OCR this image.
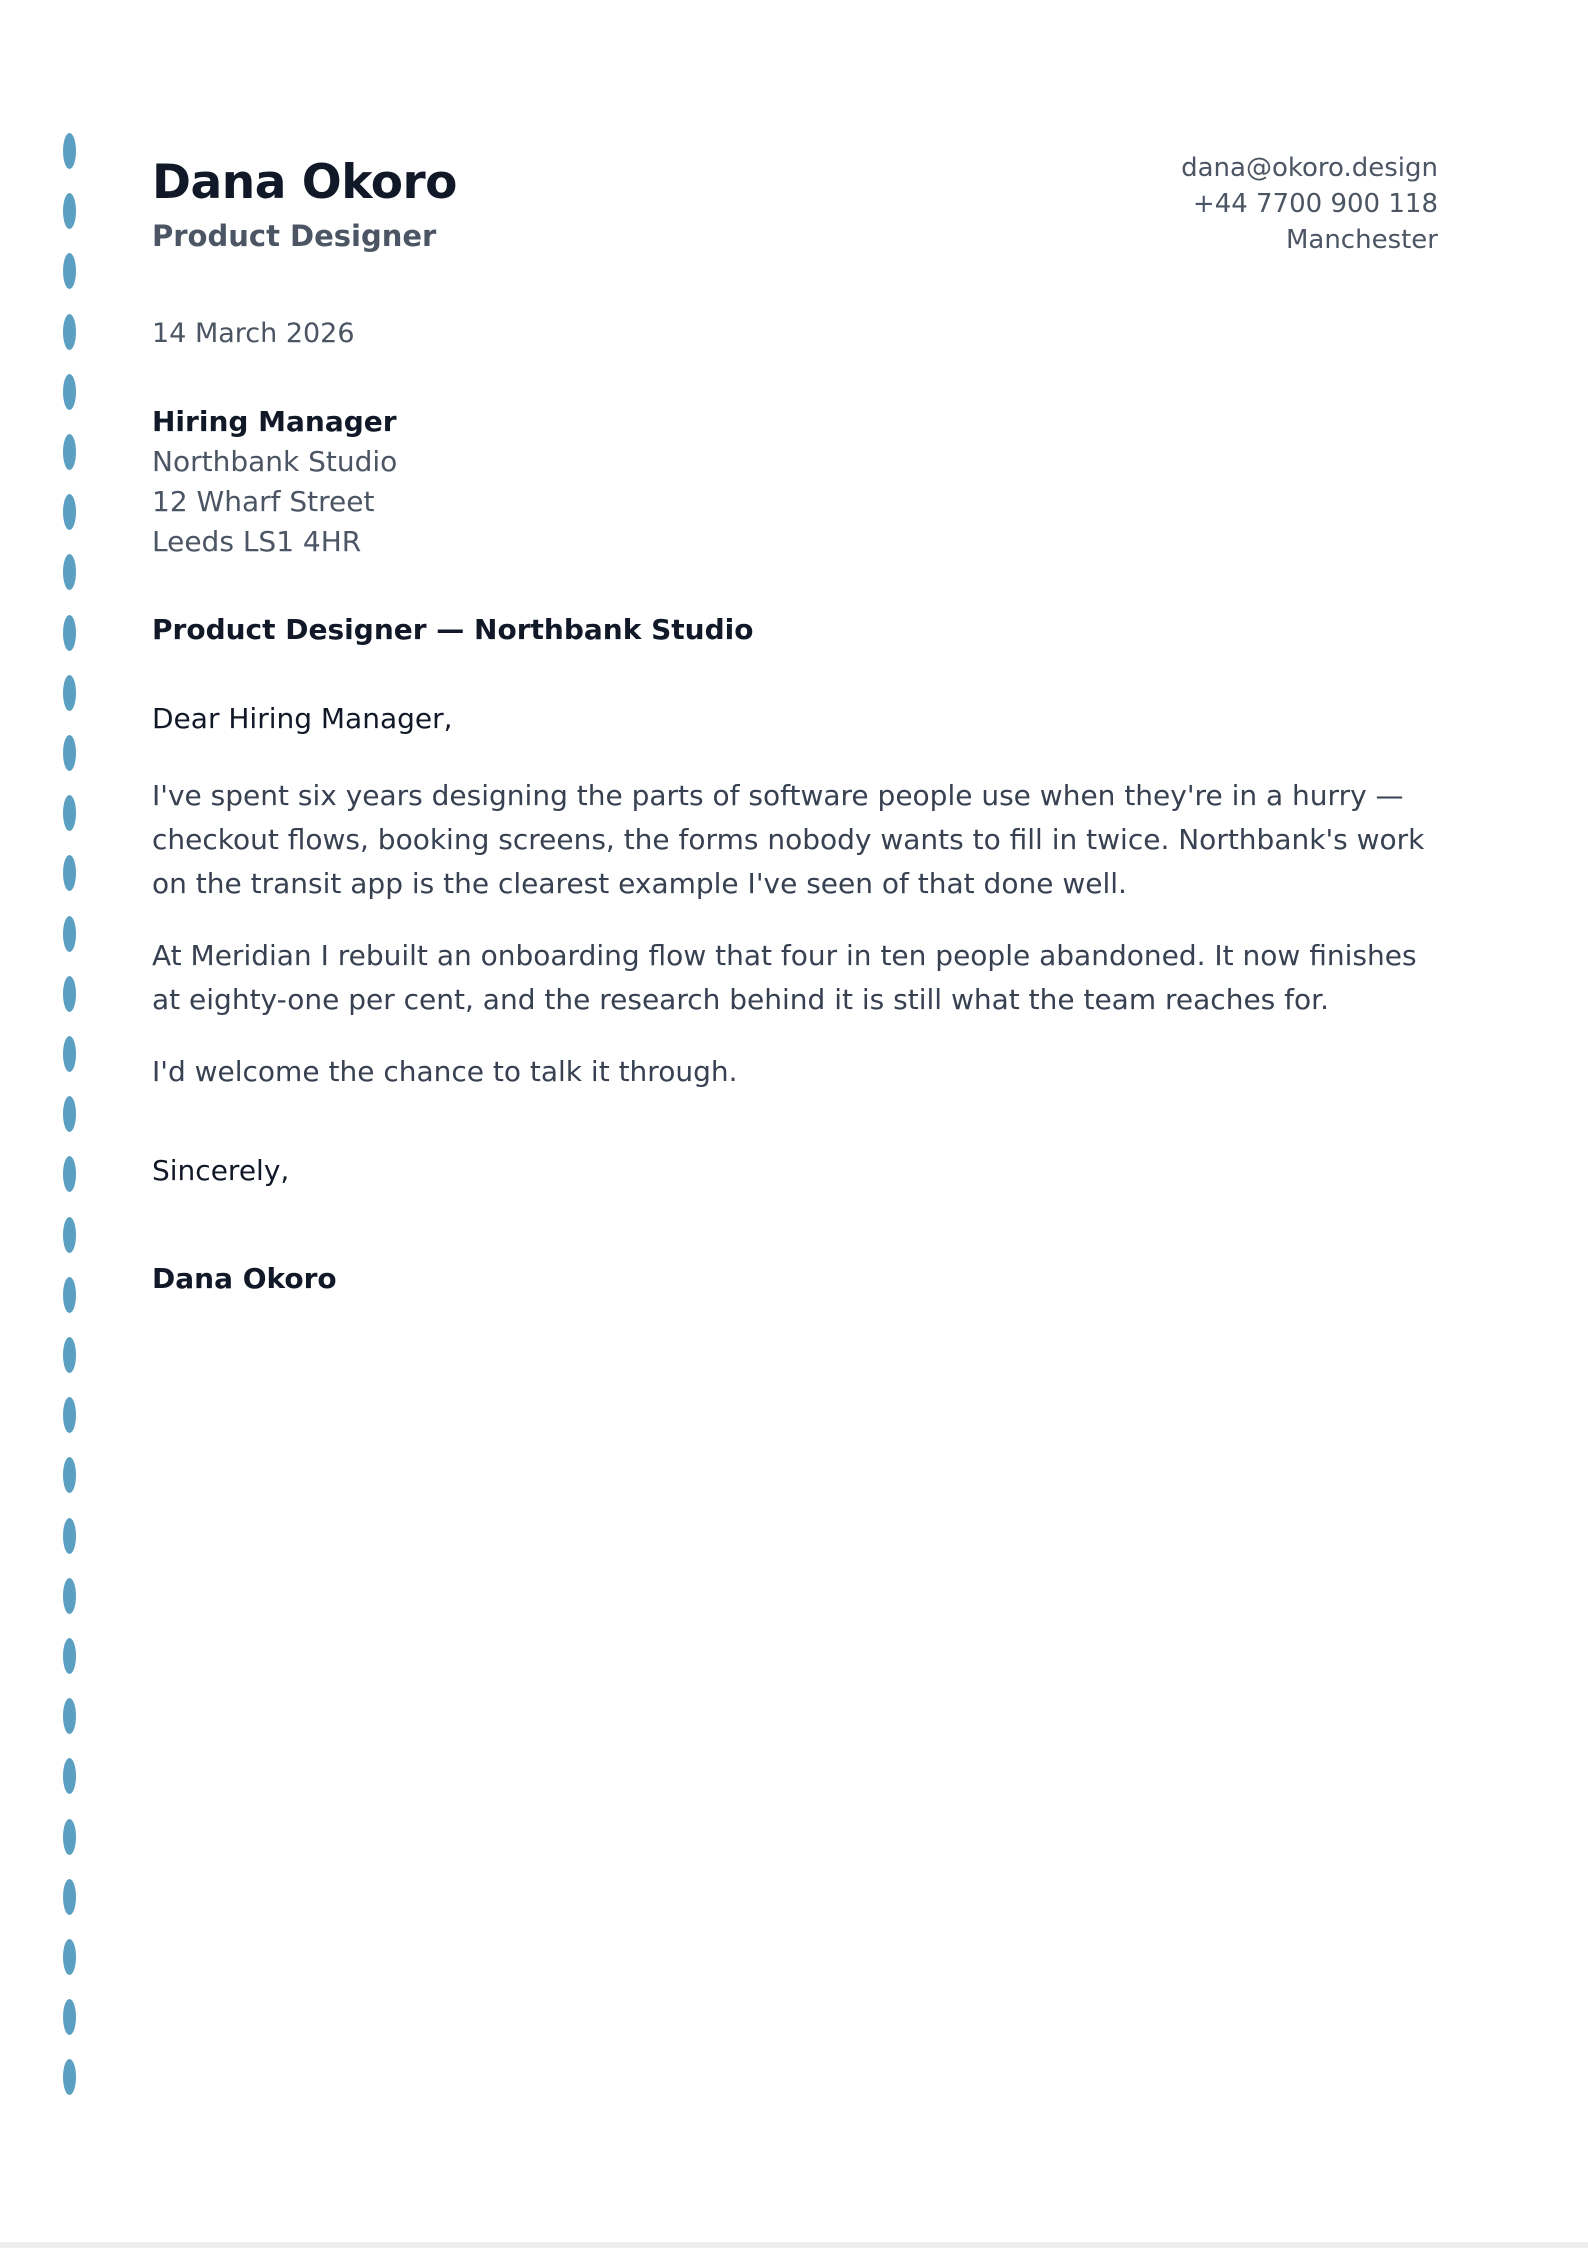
Dana Okoro
Product Designer
dana@okoro.design
+44 7700 900 118
Manchester
14 March 2026
Hiring Manager
Northbank Studio
12 Wharf Street
Leeds LS1 4HR
Product Designer — Northbank Studio
Dear Hiring Manager,

I've spent six years designing the parts of software people use when they're in a hurry — checkout flows, booking screens, the forms nobody wants to fill in twice. Northbank's work on the transit app is the clearest example I've seen of that done well.

At Meridian I rebuilt an onboarding flow that four in ten people abandoned. It now finishes at eighty-one per cent, and the research behind it is still what the team reaches for.

I'd welcome the chance to talk it through.

Sincerely,
Dana Okoro
